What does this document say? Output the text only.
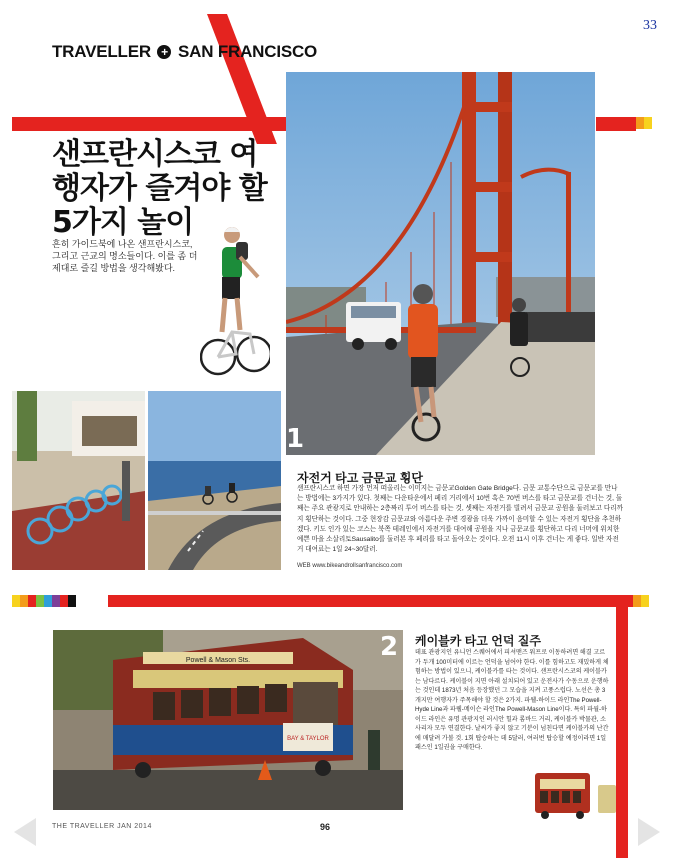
33
TRAVELLER + SAN FRANCISCO
샌프란시스코 여행자가 즐겨야 할 5가지 놀이
흔히 가이드북에 나온 샌프란시스코, 그리고 근교의 명소들이다. 이를 좀 더 제대로 즐길 방법을 생각해봤다.
1
자전거 타고 금문교 횡단
샌프란시스코 하면 가장 먼저 떠올리는 이미지는 금문교Golden Gate Bridge다. 금문 교통수단으로 금문교를 만나는 방법에는 3가지가 있다. 첫째는 다운타운에서 페리 거리에서 10번 혹은 70번 버스를 타고 금문교를 건너는 것, 둘째는 주요 관광지로 안내하는 2층짜리 투어 버스를 타는 것, 셋째는 자전거를 빌려서 금문교 공원을 둘러보고 다리까지 횡단하는 것이다. 그중 현장감 금문교와 아름다운 주변 경광을 더욱 가까이 음미할 수 있는 자전거 횡단을 추천하겠다. 키도 인가 있는 코스는 북쪽 테레인에서 자전거를 대여해 공원을 지나 금문교를 횡단하고 다리 너머에 위치한 예쁜 마을 소살리토Sausalito를 둘러본 후 페리를 타고 돌아오는 것이다. 오전 11시 이후 건너는 게 좋다. 일반 자전거 대여료는 1일 24~30달러.
WEB www.bikeandrollsanfrancisco.com
Powell & Mason Sts.
BAY & TAYLOR
2 케이블카 타고 언덕 질주
데표 관광지인 유니언 스퀘어에서 피셔맨즈 워프로 이동하려면 해결 고르가 두개 100미터에 이르는 언덕을 넘어야 한다. 이를 힘하고도 재밌하게 체험하는 방법이 있으니, 케이블카를 타는 것이다. 샌프란시스코의 케이블카는 남다르다. 케이블이 지면 아래 설치되어 있고 운전사가 수동으로 운행하는 것인데 1873년 처음 등장했던 그 모습을 지켜 고풍스럽다. 노선은 총 3개지만 여행자가 주목해야 할 것은 2가지. 파웰-하이드 라인The Powell-Hyde Line과 파웰-메이슨 라인The Powell-Mason Line이다. 특히 파월-하이드 라인은 유명 관광지인 러시안 힐과 롬바드 거리, 케이블카 박물관, 소사리자 모두 연결한다. 날씨가 좋지 않고 기분이 넘친다면 케이블카의 난간에 매달려 가볼 것. 1회 탑승하는 데 5달러, 여러번 탑승할 예정이라면 1일패스인 1일권을 구매한다.
THE TRAVELLER JAN 2014	96
